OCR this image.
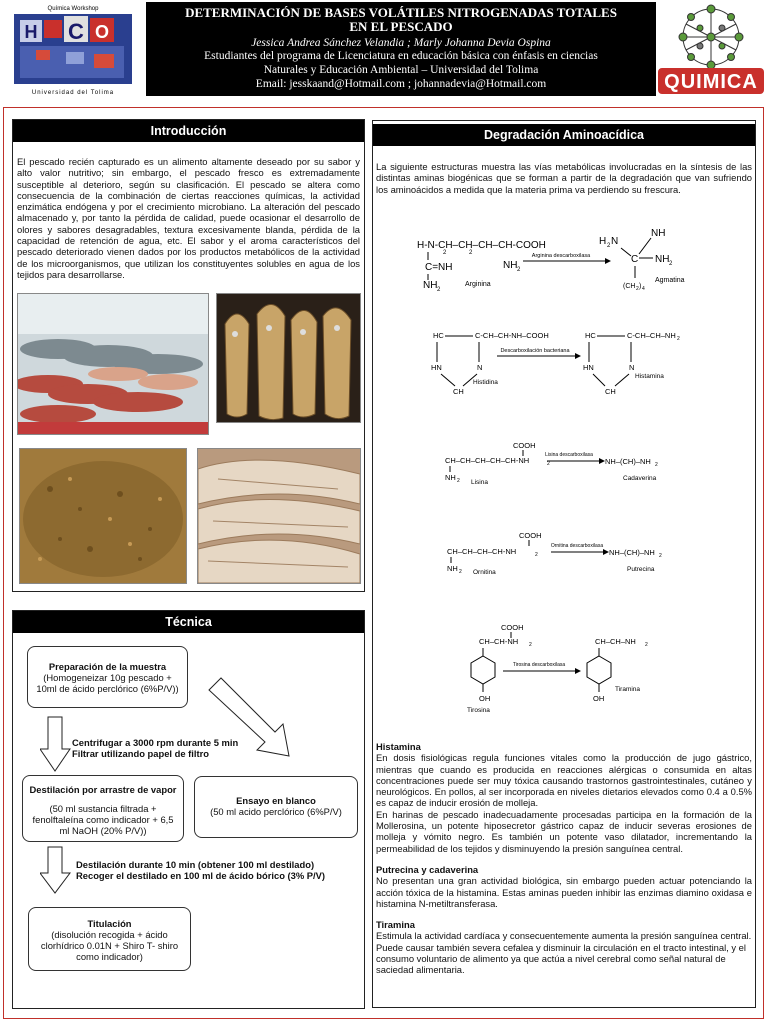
Química Workshop
H C O
Universidad del Tolima
DETERMINACIÓN DE BASES VOLÁTILES NITROGENADAS TOTALES
EN EL PESCADO
Jessica Andrea Sánchez Velandia ; Marly Johanna Devia Ospina
Estudiantes del programa de Licenciatura en educación básica con énfasis en ciencias
Naturales y Educación Ambiental – Universidad del Tolima
Email: jesskaand@Hotmail.com ; johannadevia@Hotmail.com	QUIMICA
Introducción
El pescado recién capturado es un alimento altamente deseado por su sabor y alto valor nutritivo; sin embargo, el pescado fresco es extremadamente susceptible al deterioro, según su clasificación. El pescado se altera como consecuencia de la combinación de ciertas reacciones químicas, la actividad enzimática endógena y por el crecimiento microbiano. La alteración del pescado almacenado y, por tanto la pérdida de calidad, puede ocasionar el desarrollo de olores y sabores desagradables, textura excesivamente blanda, pérdida de la capacidad de retención de agua, etc. El sabor y el aroma característicos del pescado deteriorado vienen dados por los productos metabólicos de la actividad de los microorganismos, que utilizan los constituyentes solubles en agua de los tejidos para desarrollarse.
Técnica
Preparación de la muestra
(Homogeneizar 10g pescado + 10ml de ácido perclórico (6%P/V))
Centrifugar a 3000 rpm durante 5 min
Filtrar utilizando papel de filtro
Destilación por arrastre de vapor
(50 ml sustancia filtrada + fenolftaleína como indicador + 6,5 ml NaOH (20% P/V))
Ensayo en blanco
(50 ml acido perclórico (6%P/V)
Destilación durante 10 min (obtener 100 ml destilado)
Recoger el destilado en 100 ml de ácido bórico (3% P/V)
Titulación
(disolución recogida + ácido clorhídrico 0.01N + Shiro T- shiro como indicador)
Degradación Aminoacídica
La siguiente estructuras muestra las vías metabólicas involucradas en la síntesis de las distintas aminas biogénicas que se forman a partir de la degradación que van sufriendo los aminoácidos a medida que la materia prima va perdiendo su frescura.
H-N-CH–CH–CH–CH-COOH
2	2
C=NH
NH 2
NH 2
Arginina
Arginina descarboxilasa
H 2 N
NH
NH 2
C
(CH 2 ) 4
Agmatina
HC	C-CH–CH-NH–COOH
HN	N
CH
Histidina
Descarboxilación bacteriana
HC	C-CH–CH–NH 2
HN	N
CH
Histamina
COOH
CH–CH–CH–CH–CH-NH	2
NH 2 Lisina
Lisina descarboxilasa
NH–(CH)–NH 2
Cadaverina
COOH
CH–CH–CH–CH-NH	2
NH 2 Ornitina
Ornitina descarboxilasa
NH–(CH)–NH 2
Putrecina
COOH
CH–CH-NH 2
OH
Tirosina
Tirosina descarboxilasa
CH–CH–NH 2
OH
Tiramina
Histamina
En dosis fisiológicas regula funciones vitales como la producción de jugo gástrico, mientras que cuando es producida en reacciones alérgicas o consumida en altas concentraciones puede ser muy tóxica causando trastornos gastrointestinales, cutáneo y neurológicos. En pollos, al ser incorporada en niveles dietarios elevados como 0.4 a 0.5% es capaz de inducir erosión de molleja.
En harinas de pescado inadecuadamente procesadas participa en la formación de la Mollerosina, un potente hiposecretor gástrico capaz de inducir severas erosiones de molleja y vómito negro. Es también un potente vaso dilatador, incrementando la permeabilidad de los tejidos y disminuyendo la presión sanguínea central.
Putrecina y cadaverina
No presentan una gran actividad biológica, sin embargo pueden actuar potenciando la acción tóxica de la histamina. Estas aminas pueden inhibir las enzimas diamino oxidasa e histamina N-metiltransferasa.
Tiramina
Estimula la actividad cardíaca y consecuentemente aumenta la presión sanguínea central. Puede causar también severa cefalea y disminuir la circulación en el tracto intestinal, y el consumo voluntario de alimento ya que actúa a nivel cerebral como señal natural de saciedad alimentaria.
